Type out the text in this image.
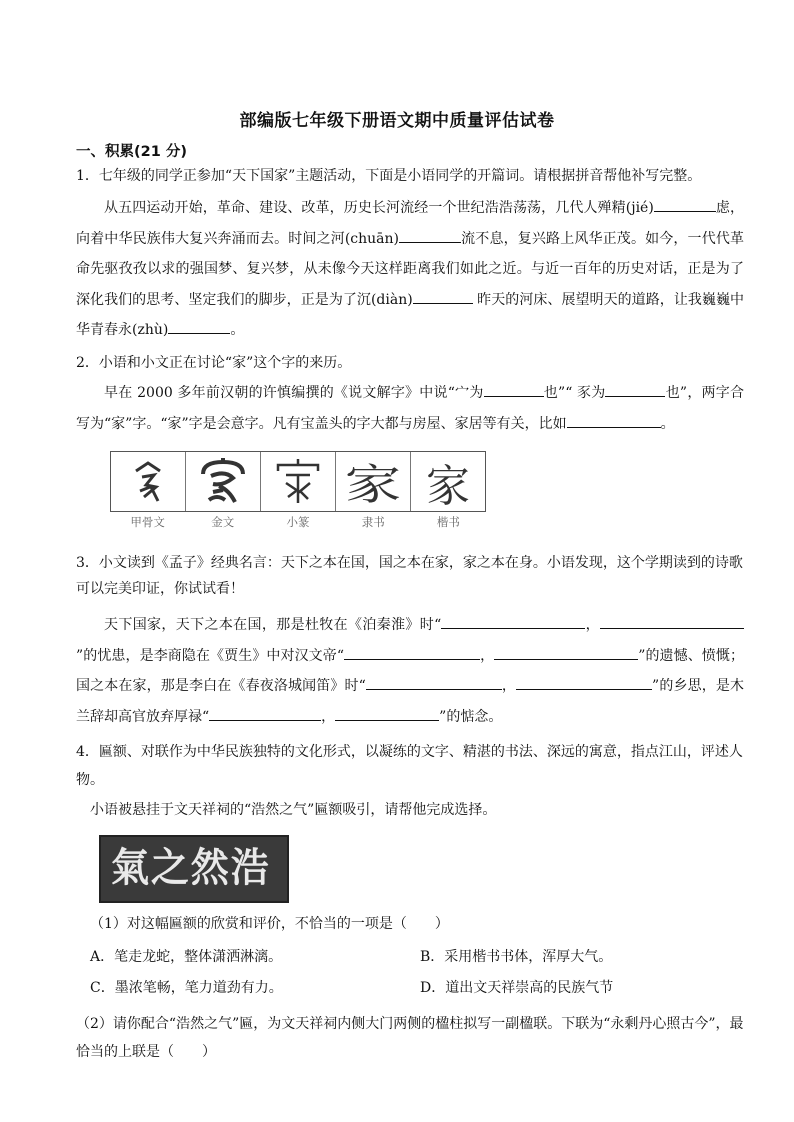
部编版七年级下册语文期中质量评估试卷
一、积累(21 分)
1．七年级的同学正参加“天下国家”主题活动，下面是小语同学的开篇词。请根据拼音帮他补写完整。
从五四运动开始，革命、建设、改革，历史长河流经一个世纪浩浩荡荡，几代人殚精(jié)	虑，向着中华民族伟大复兴奔涌而去。时间之河(chuān)	流不息，复兴路上风华正茂。如今，一代代革命先驱孜孜以求的强国梦、复兴梦，从未像今天这样距离我们如此之近。与近一百年的历史对话，正是为了深化我们的思考、坚定我们的脚步，正是为了沉(diàn)	昨天的河床、展望明天的道路，让我巍巍中华青春永(zhù)	。
2．小语和小文正在讨论“家”这个字的来历。
早在 2000 多年前汉朝的许慎编撰的《说文解字》中说“宀为	也”“ 豕为	也”，两字合写为“家”字。“家”字是会意字。凡有宝盖头的字大都与房屋、家居等有关，比如	。
家 家
甲骨文	金文	小篆	隶书	楷书
3．小文读到《孟子》经典名言：天下之本在国，国之本在家，家之本在身。小语发现，这个学期读到的诗歌可以完美印证，你试试看！
天下国家，天下之本在国，那是杜牧在《泊秦淮》时“	，”的忧患，是李商隐在《贾生》中对汉文帝“	，	”的遗憾、愤慨；国之本在家，那是李白在《春夜洛城闻笛》时“	，	”的乡思，是木兰辞却高官放弃厚禄“	，	”的惦念。
4．匾额、对联作为中华民族独特的文化形式，以凝练的文字、精湛的书法、深远的寓意，指点江山，评述人物。
小语被悬挂于文天祥祠的“浩然之气”匾额吸引，请帮他完成选择。
氣之然浩
（1）对这幅匾额的欣赏和评价，不恰当的一项是（　　）
A．笔走龙蛇，整体潇洒淋漓。	B．采用楷书书体，浑厚大气。
C．墨浓笔畅，笔力道劲有力。	D．道出文天祥崇高的民族气节
（2）请你配合“浩然之气”匾，为文天祥祠内侧大门两侧的楹柱拟写一副楹联。下联为“永剩丹心照古今”，最恰当的上联是（　　）
